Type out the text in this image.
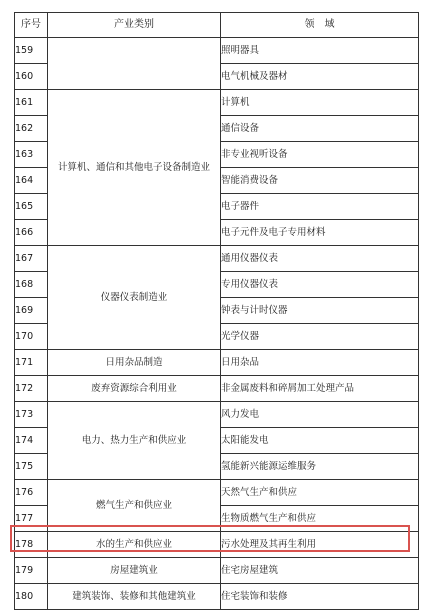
序号	产业类别	领　域
159		照明器具
160		电气机械及器材
161	计算机、通信和其他电子设备制造业	计算机
162		通信设备
163		非专业视听设备
164		智能消费设备
165		电子器件
166		电子元件及电子专用材料
167	仪器仪表制造业	通用仪器仪表
168		专用仪器仪表
169		钟表与计时仪器
170		光学仪器
171	日用杂品制造	日用杂品
172	废弃资源综合利用业	非金属废料和碎屑加工处理产品
173	电力、热力生产和供应业	风力发电
174		太阳能发电
175		氢能新兴能源运维服务
176	燃气生产和供应业	天然气生产和供应
177		生物质燃气生产和供应
178	水的生产和供应业	污水处理及其再生利用
179	房屋建筑业	住宅房屋建筑
180	建筑装饰、装修和其他建筑业	住宅装饰和装修
